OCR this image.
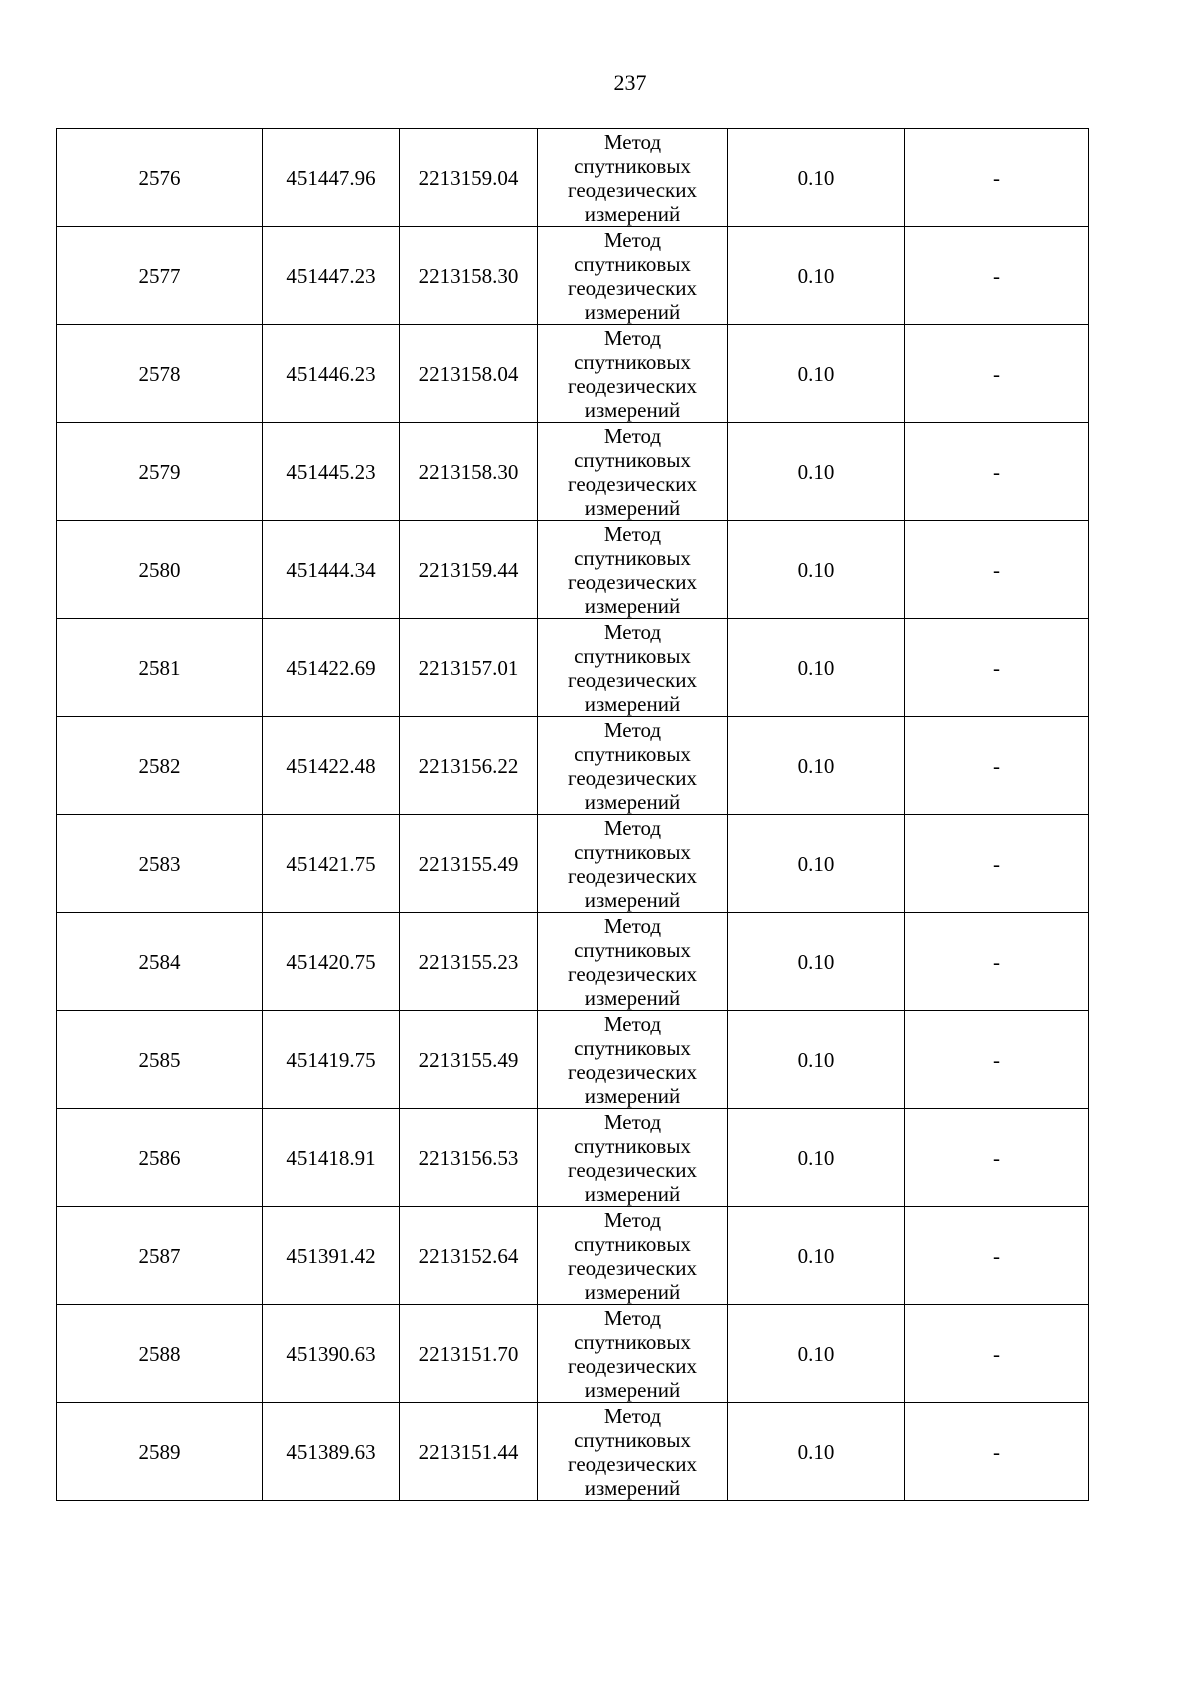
237
2576	451447.96	2213159.04	Метод
спутниковых
геодезических
измерений	0.10	-
2577	451447.23	2213158.30	Метод
спутниковых
геодезических
измерений	0.10	-
2578	451446.23	2213158.04	Метод
спутниковых
геодезических
измерений	0.10	-
2579	451445.23	2213158.30	Метод
спутниковых
геодезических
измерений	0.10	-
2580	451444.34	2213159.44	Метод
спутниковых
геодезических
измерений	0.10	-
2581	451422.69	2213157.01	Метод
спутниковых
геодезических
измерений	0.10	-
2582	451422.48	2213156.22	Метод
спутниковых
геодезических
измерений	0.10	-
2583	451421.75	2213155.49	Метод
спутниковых
геодезических
измерений	0.10	-
2584	451420.75	2213155.23	Метод
спутниковых
геодезических
измерений	0.10	-
2585	451419.75	2213155.49	Метод
спутниковых
геодезических
измерений	0.10	-
2586	451418.91	2213156.53	Метод
спутниковых
геодезических
измерений	0.10	-
2587	451391.42	2213152.64	Метод
спутниковых
геодезических
измерений	0.10	-
2588	451390.63	2213151.70	Метод
спутниковых
геодезических
измерений	0.10	-
2589	451389.63	2213151.44	Метод
спутниковых
геодезических
измерений	0.10	-
